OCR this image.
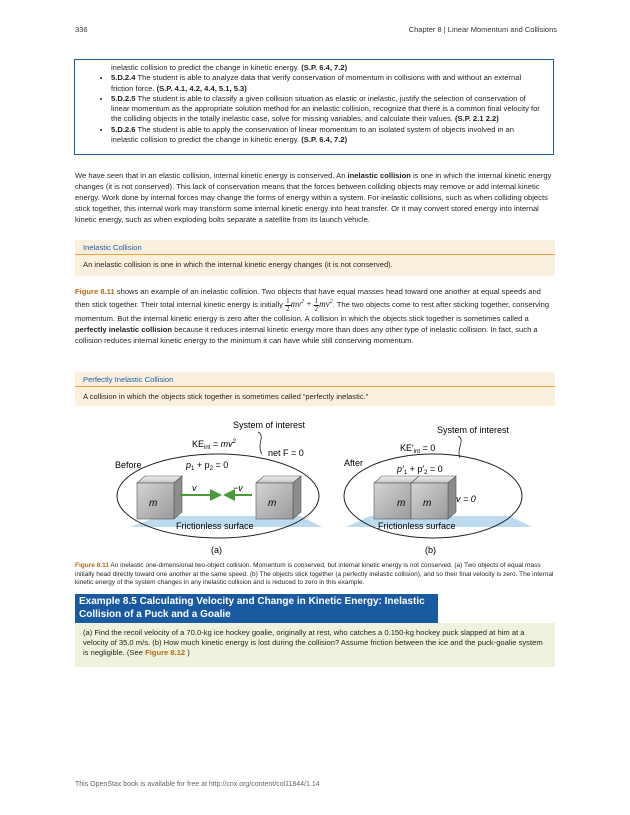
336	Chapter 8 | Linear Momentum and Collisions
inelastic collision to predict the change in kinetic energy. (S.P. 6.4, 7.2)
• 5.D.2.4 The student is able to analyze data that verify conservation of momentum in collisions with and without an external friction force. (S.P. 4.1, 4.2, 4.4, 5.1, 5.3)
• 5.D.2.5 The student is able to classify a given collision situation as elastic or inelastic, justify the selection of conservation of linear momentum as the appropriate solution method for an inelastic collision, recognize that there is a common final velocity for the colliding objects in the totally inelastic case, solve for missing variables, and calculate their values. (S.P. 2.1 2.2)
• 5.D.2.6 The student is able to apply the conservation of linear momentum to an isolated system of objects involved in an inelastic collision to predict the change in kinetic energy. (S.P. 6.4, 7.2)
We have seen that in an elastic collision, internal kinetic energy is conserved. An inelastic collision is one in which the internal kinetic energy changes (it is not conserved). This lack of conservation means that the forces between colliding objects may remove or add internal kinetic energy. Work done by internal forces may change the forms of energy within a system. For inelastic collisions, such as when colliding objects stick together, this internal work may transform some internal kinetic energy into heat transfer. Or it may convert stored energy into internal kinetic energy, such as when exploding bolts separate a satellite from its launch vehicle.
Inelastic Collision
An inelastic collision is one in which the internal kinetic energy changes (it is not conserved).
Figure 8.11 shows an example of an inelastic collision. Two objects that have equal masses head toward one another at equal speeds and then stick together. Their total internal kinetic energy is initially $\frac{1}{2} mv^2 + \frac{1}{2} mv^2$. The two objects come to rest after sticking together, conserving momentum. But the internal kinetic energy is zero after the collision. A collision in which the objects stick together is sometimes called a perfectly inelastic collision because it reduces internal kinetic energy more than does any other type of inelastic collision. In fact, such a collision reduces internal kinetic energy to the minimum it can have while still conserving momentum.
Perfectly Inelastic Collision
A collision in which the objects stick together is sometimes called “perfectly inelastic.”
System of interest
$KE_{int} = mv^2$
net F = 0
Before	$p_1 + p_2 = 0$
m	m
v	−v
Frictionless surface
(a)
System of interest
$KE'_{int} = 0$
After
$p'_1 + p'_2 = 0$
m m	v = 0
Frictionless surface
(b)
Figure 8.11 An inelastic one-dimensional two-object collision. Momentum is conserved, but internal kinetic energy is not conserved. (a) Two objects of equal mass initially head directly toward one another at the same speed. (b) The objects stick together (a perfectly inelastic collision), and so their final velocity is zero. The internal kinetic energy of the system changes in any inelastic collision and is reduced to zero in this example.
Example 8.5 Calculating Velocity and Change in Kinetic Energy: Inelastic Collision of a Puck and a Goalie
(a) Find the recoil velocity of a 70.0-kg ice hockey goalie, originally at rest, who catches a 0.150-kg hockey puck slapped at him at a velocity of 35.0 m/s. (b) How much kinetic energy is lost during the collision? Assume friction between the ice and the puck-goalie system is negligible. (See Figure 8.12 )
This OpenStax book is available for free at http://cnx.org/content/col11844/1.14
